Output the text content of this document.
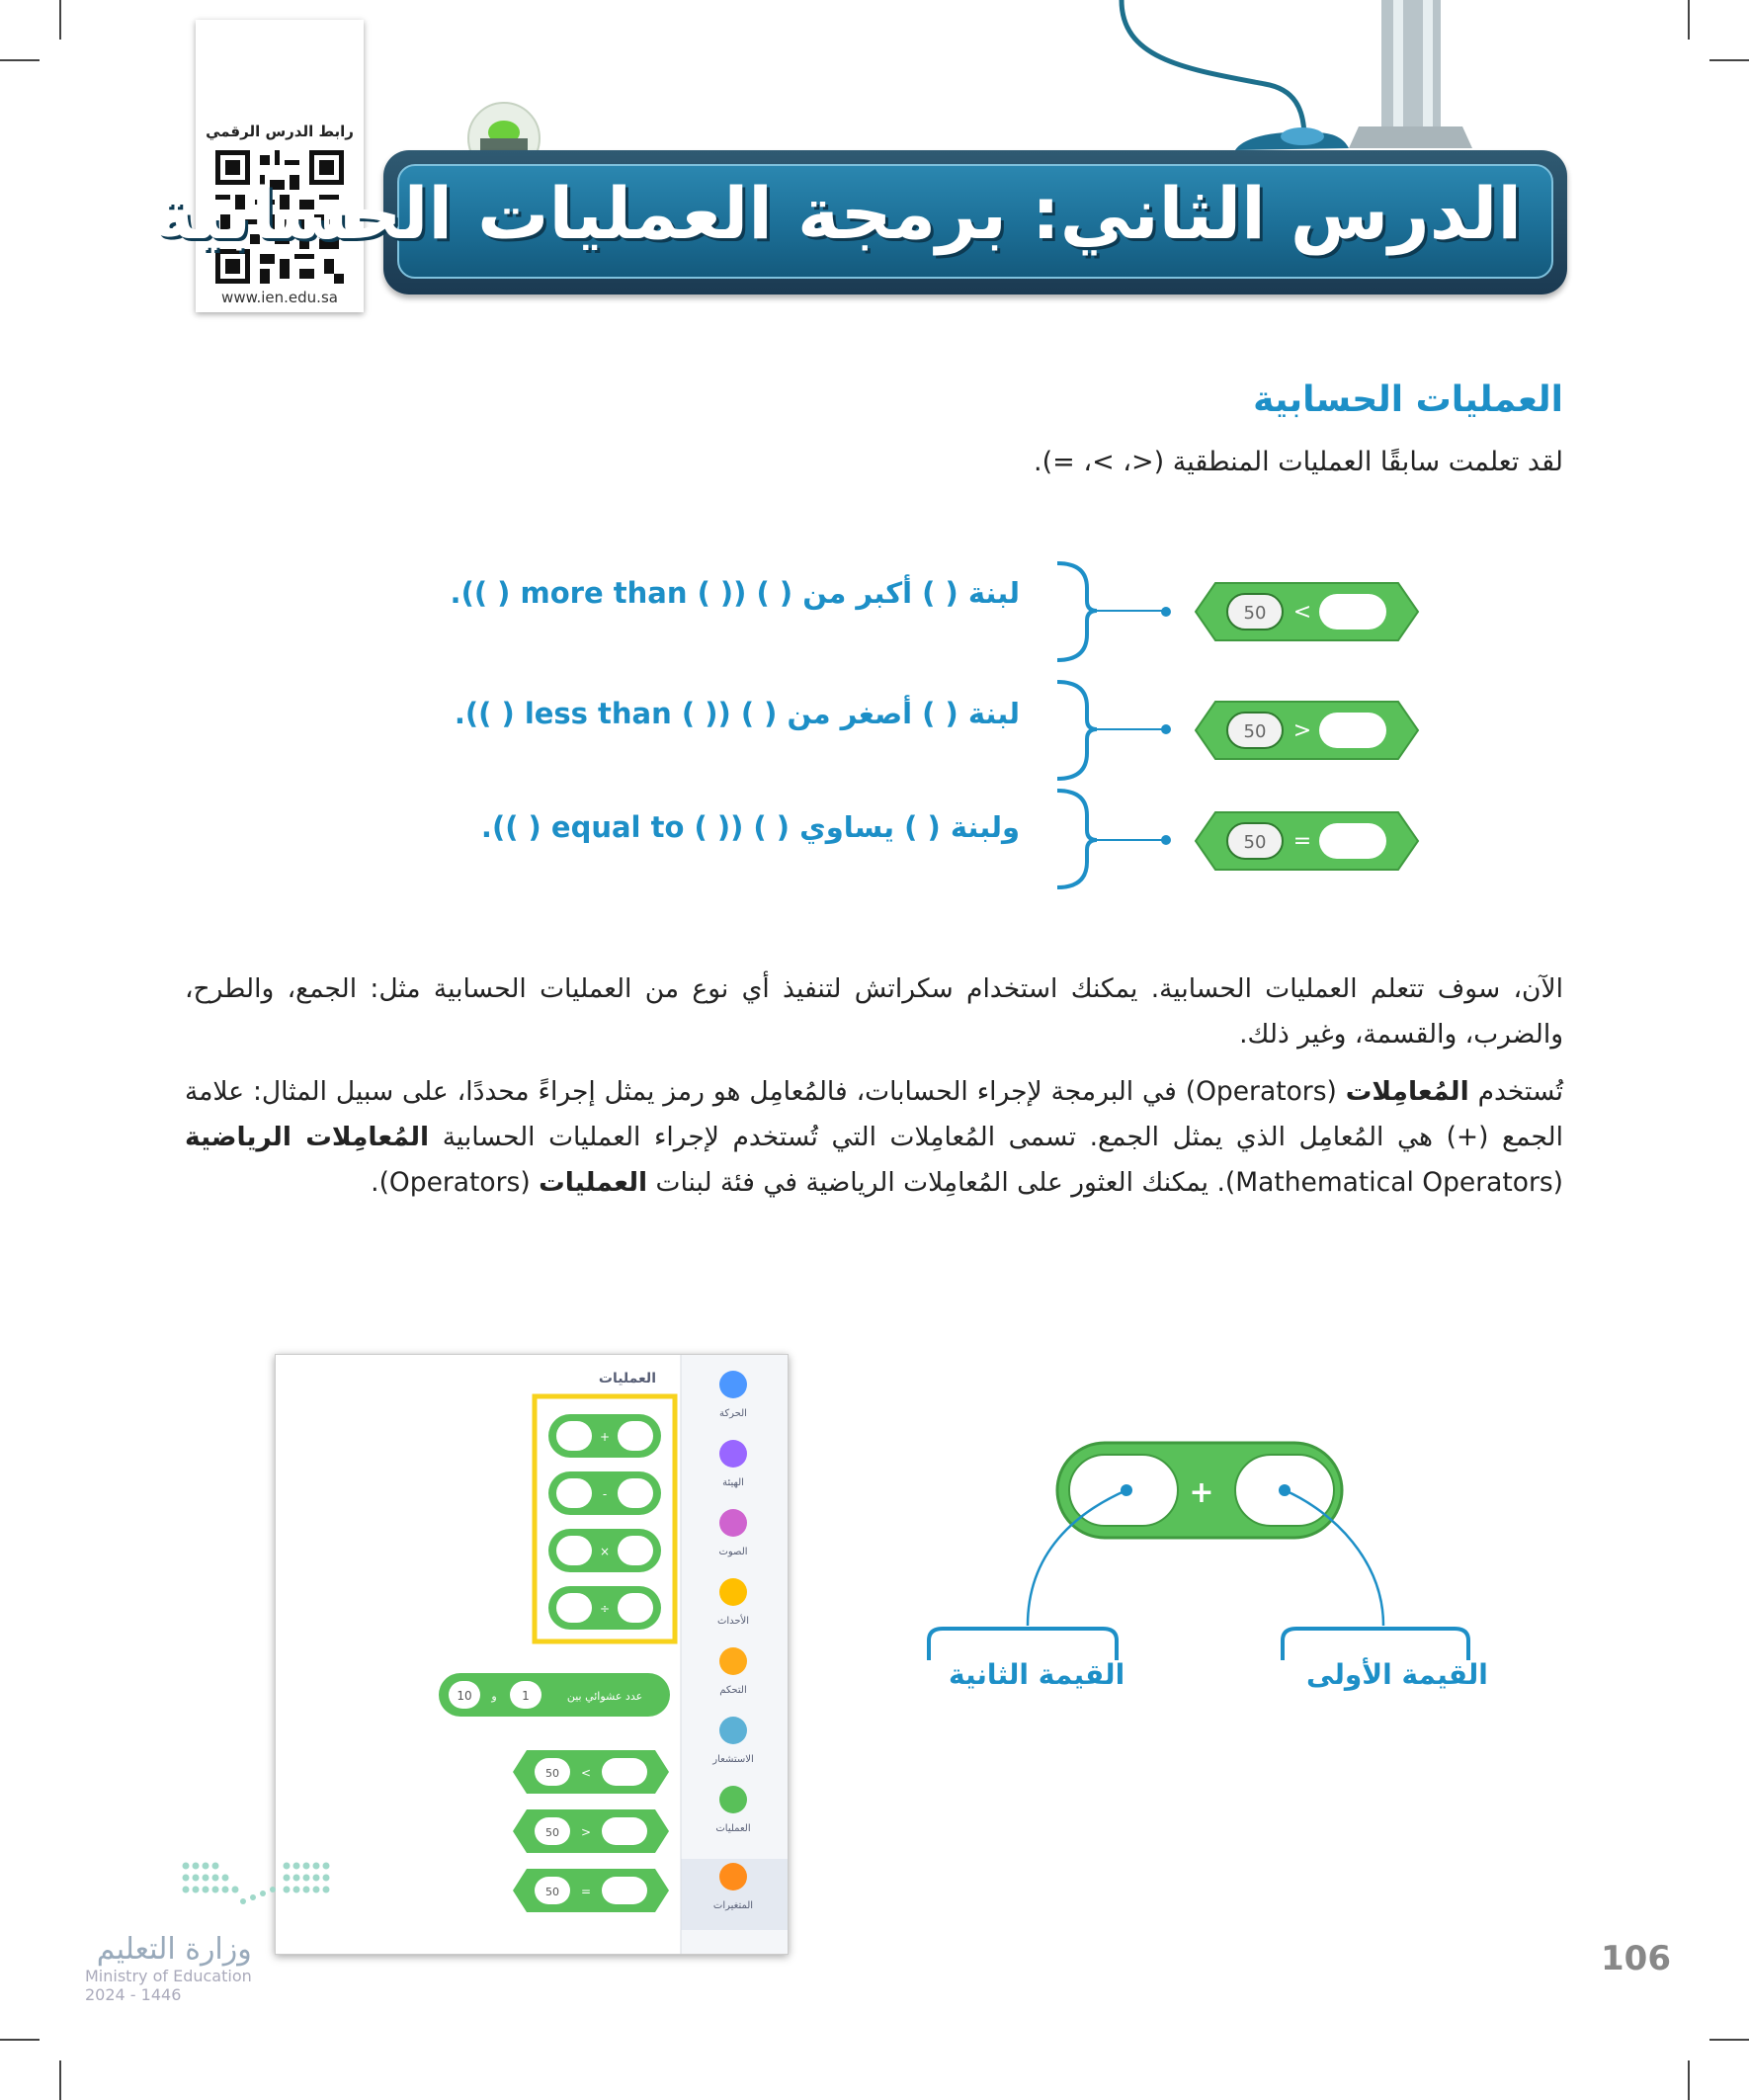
رابط الدرس الرقمي
www.ien.edu.sa
الدرس الثاني: برمجة العمليات الحسابية
العمليات الحسابية
لقد تعلمت سابقًا العمليات المنطقية (<، >، =).
لبنة ( ) أكبر من ( ) (( ) more than ( )).
لبنة ( ) أصغر من ( ) (( ) less than ( )).
ولبنة ( ) يساوي ( ) (( ) equal to ( )).
50 <
50 >
50 =
الآن، سوف تتعلم العمليات الحسابية. يمكنك استخدام سكراتش لتنفيذ أي نوع من العمليات الحسابية مثل: الجمع، والطرح، والضرب، والقسمة، وغير ذلك.
تُستخدم المُعامِلات (Operators) في البرمجة لإجراء الحسابات، فالمُعامِل هو رمز يمثل إجراءً محددًا، على سبيل المثال: علامة الجمع (+) هي المُعامِل الذي يمثل الجمع. تسمى المُعامِلات التي تُستخدم لإجراء العمليات الحسابية المُعامِلات الرياضية (Mathematical Operators). يمكنك العثور على المُعامِلات الرياضية في فئة لبنات العمليات (Operators).
العمليات
الحركة
الهيئة
الصوت
الأحداث
التحكم
الاستشعار
العمليات
المتغيرات
+
-
×
÷
10 و 1	عدد عشوائي بين
50 <
50 >
50 =
+
القيمة الثانية	القيمة الأولى
وزارة التعليم
Ministry of Education
2024 - 1446
106
